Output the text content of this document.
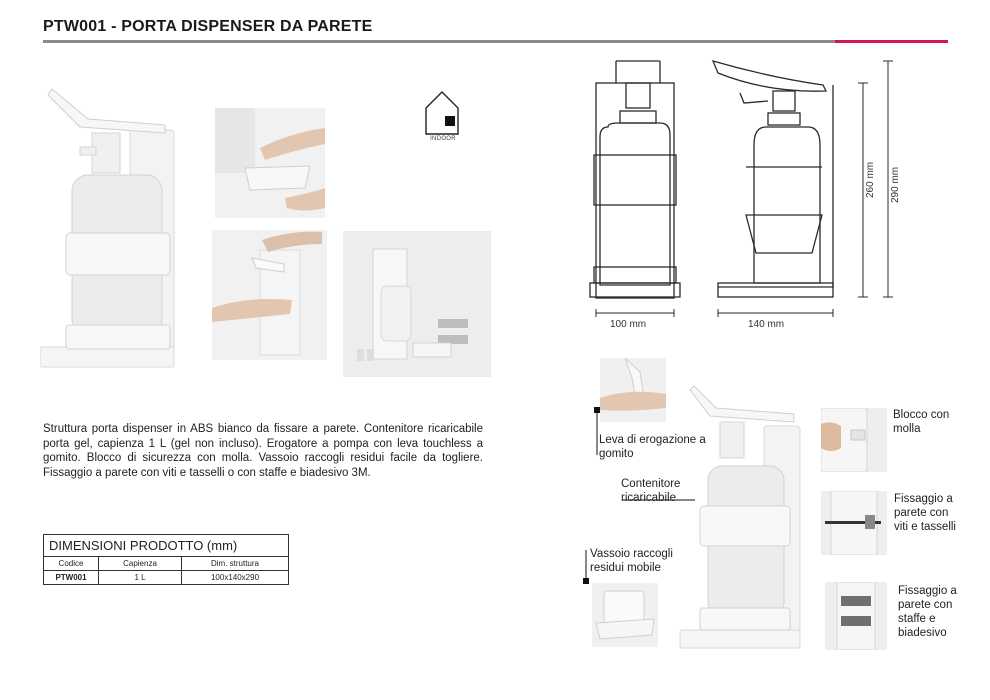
PTW001 - PORTA DISPENSER DA PARETE
INDOOR
Struttura porta dispenser in ABS bianco da fissare a parete. Contenitore ricaricabile porta gel, capienza 1 L (gel non incluso). Erogatore a pompa con leva touchless a gomito. Blocco di sicurezza con molla. Vassoio raccogli residui facile da togliere. Fissaggio a parete con viti e tasselli o con staffe e biadesivo 3M.
DIMENSIONI PRODOTTO (mm)		
Codice	Capienza	Dim. struttura
PTW001	1 L	100x140x290
100 mm	140 mm
260 mm 290 mm
Leva di erogazione a gomito
Contenitore ricaricabile
Vassoio raccogli residui mobile
Blocco con molla
Fissaggio a parete con viti e tasselli
Fissaggio a parete con staffe e biadesivo
